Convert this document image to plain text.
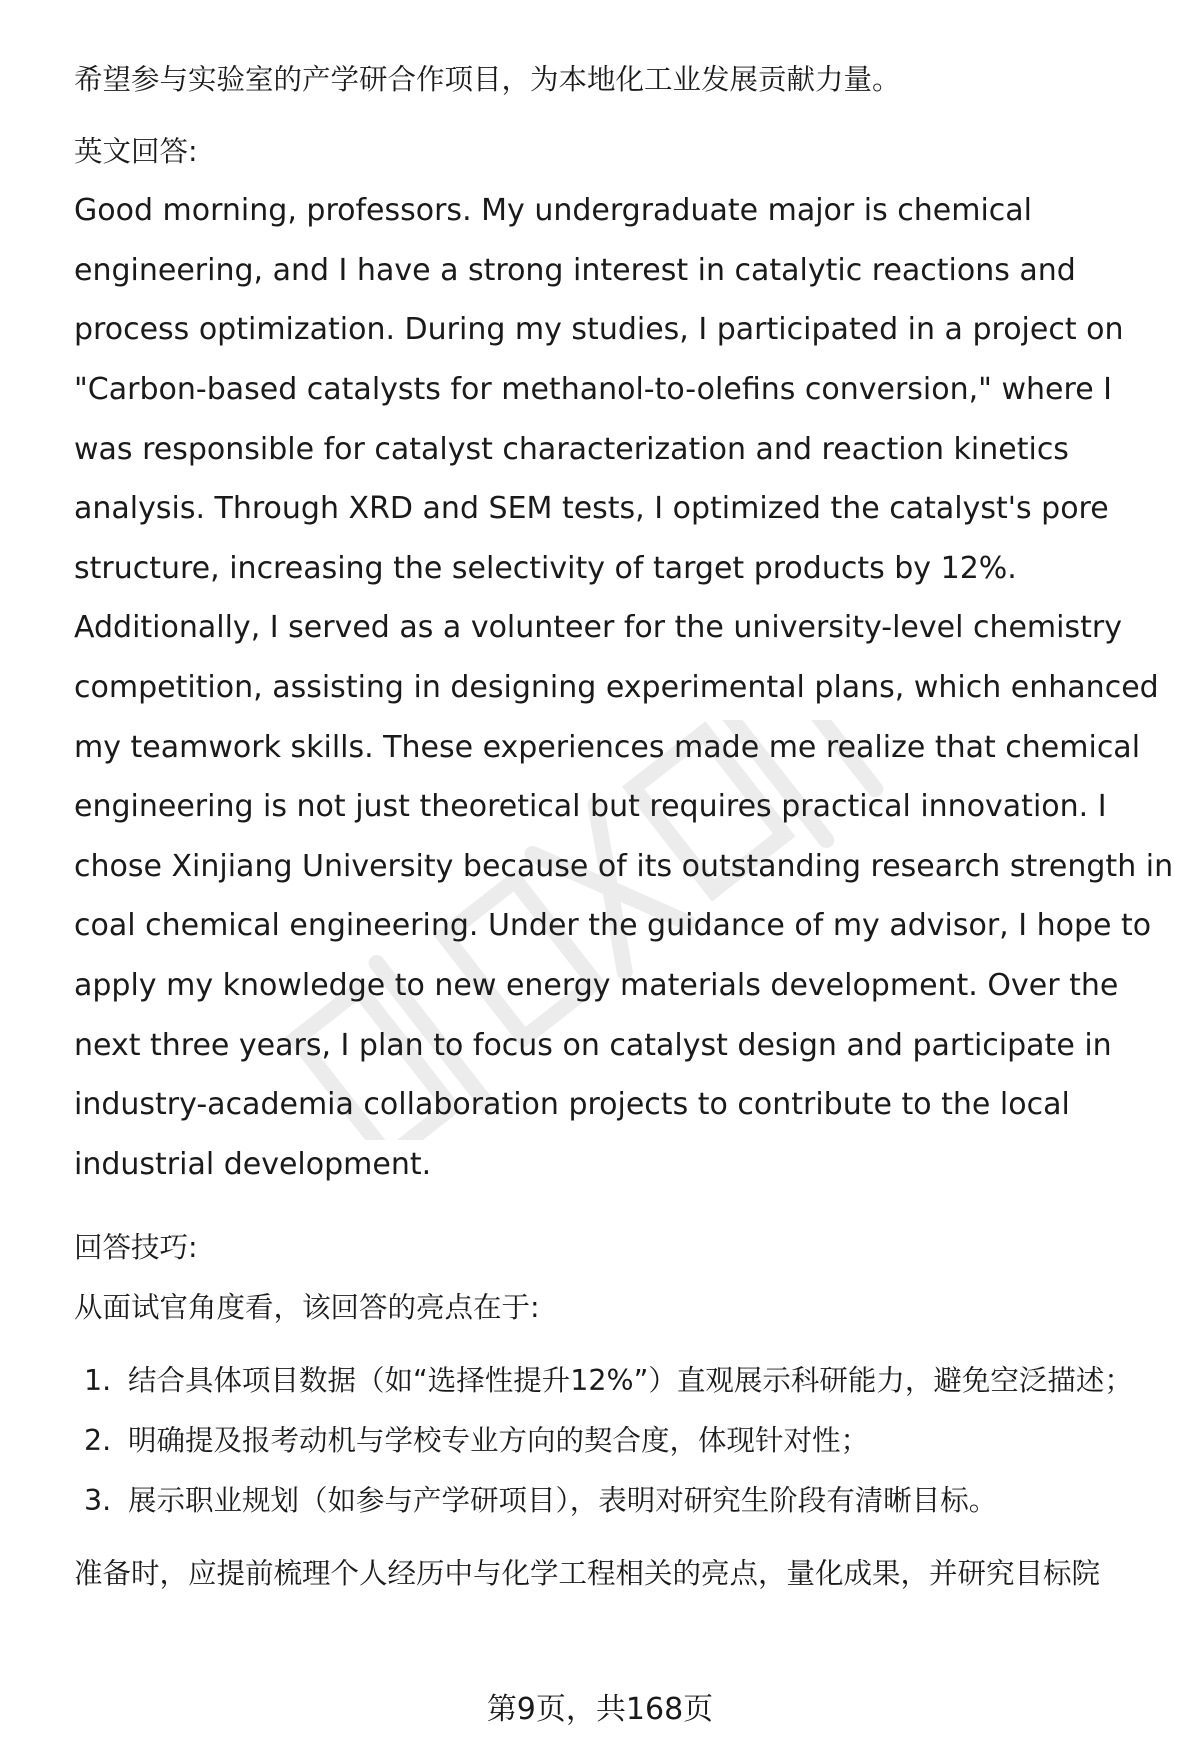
希望参与实验室的产学研合作项目，为本地化工业发展贡献力量。

英文回答:

Good morning, professors. My undergraduate major is chemical engineering, and I have a strong interest in catalytic reactions and process optimization. During my studies, I participated in a project on "Carbon-based catalysts for methanol-to-olefins conversion," where I was responsible for catalyst characterization and reaction kinetics analysis. Through XRD and SEM tests, I optimized the catalyst's pore structure, increasing the selectivity of target products by 12%. Additionally, I served as a volunteer for the university-level chemistry competition, assisting in designing experimental plans, which enhanced my teamwork skills. These experiences made me realize that chemical engineering is not just theoretical but requires practical innovation. I chose Xinjiang University because of its outstanding research strength in coal chemical engineering. Under the guidance of my advisor, I hope to apply my knowledge to new energy materials development. Over the next three years, I plan to focus on catalyst design and participate in industry-academia collaboration projects to contribute to the local industrial development.

回答技巧:

从面试官角度看，该回答的亮点在于:

1. 结合具体项目数据（如“选择性提升12%”）直观展示科研能力，避免空泛描述；
2. 明确提及报考动机与学校专业方向的契合度，体现针对性；
3. 展示职业规划（如参与产学研项目），表明对研究生阶段有清晰目标。

准备时，应提前梳理个人经历中与化学工程相关的亮点，量化成果，并研究目标院

第9页，共168页
